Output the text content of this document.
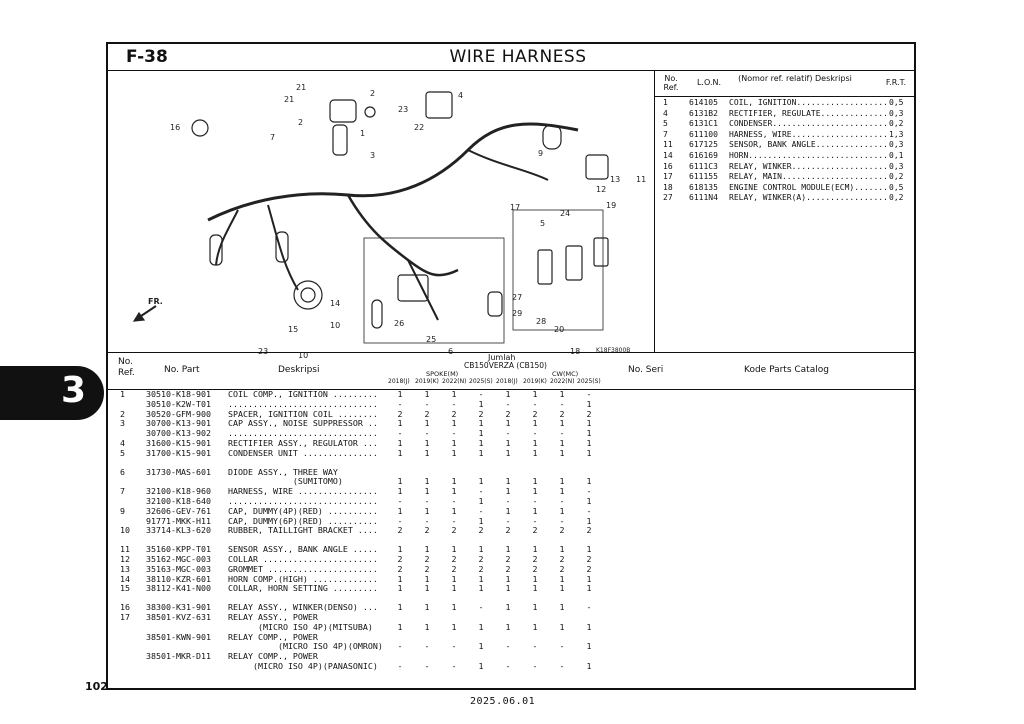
3
102
F-38	WIRE HARNESS
21
2
21	4
23
2
1
16	22
7
3	9
13 11
12
19
17
5
24
14
10
15
23	10
26
25
6
27
29
28
20
18
FR.
K18F3800B
No. Ref.
L.O.N.	(Nomor ref. relatif) Deskripsi	F.R.T.
1	614105 COIL, IGNITION................... 0,5
4	6131B2 RECTIFIER, REGULATE.............. 0,3
5	6131C1 CONDENSER........................ 0,2
7	611100 HARNESS, WIRE.................... 1,3
11 617125 SENSOR, BANK ANGLE............... 0,3
14 616169 HORN............................. 0,1
16 6111C3 RELAY, WINKER.................... 0,3
17 611155 RELAY, MAIN...................... 0,2
18 618135 ENGINE CONTROL MODULE(ECM)....... 0,5
27 6111N4 RELAY, WINKER(A)................. 0,2
No. Ref.	No. Part	Deskripsi
Jumlah
CB150VERZA (CB150)
SPOKE(M)	CW(MC)
2018(J) 2019(K) 2022(N) 2025(S) 2018(J) 2019(K) 2022(N) 2025(S)
No. Seri	Kode Parts Catalog
1	30510-K18-901 COIL COMP., IGNITION .........	1	1	1	-	1	1	1	-
30510-K2W-T01 ..............................	-	-	-	1	-	-	-	1
2	30520-GFM-900 SPACER, IGNITION COIL ........	2	2	2	2	2	2	2	2
3	30700-K13-901 CAP ASSY., NOISE SUPPRESSOR ..	1	1	1	1	1	1	1	1
30700-K13-902 ..............................	-	-	-	1	-	-	-	1
4	31600-K15-901 RECTIFIER ASSY., REGULATOR ...	1	1	1	1	1	1	1	1
5	31700-K15-901 CONDENSER UNIT ...............	1	1	1	1	1	1	1	1
6	31730-MAS-601 DIODE ASSY., THREE WAY
(SUMITOMO)	1	1	1	1	1	1	1	1
7	32100-K18-960 HARNESS, WIRE ................	1	1	1	-	1	1	1	-
32100-K18-640 ..............................	-	-	-	1	-	-	-	1
9	32606-GEV-761 CAP, DUMMY(4P)(RED) ..........	1	1	1	-	1	1	1	-
91771-MKK-H11 CAP, DUMMY(6P)(RED) ..........	-	-	-	1	-	-	-	1
10 33714-KL3-620 RUBBER, TAILLIGHT BRACKET ....	2	2	2	2	2	2	2	2
11 35160-KPP-T01 SENSOR ASSY., BANK ANGLE .....	1	1	1	1	1	1	1	1
12 35162-MGC-003 COLLAR .......................	2	2	2	2	2	2	2	2
13 35163-MGC-003 GROMMET ......................	2	2	2	2	2	2	2	2
14 38110-KZR-601 HORN COMP.(HIGH) .............	1	1	1	1	1	1	1	1
15 38112-K41-N00 COLLAR, HORN SETTING .........	1	1	1	1	1	1	1	1
16 38300-K31-901 RELAY ASSY., WINKER(DENSO) ...	1	1	1	-	1	1	1	-
17 38501-KVZ-631 RELAY ASSY., POWER
(MICRO ISO 4P)(MITSUBA)	1	1	1	1	1	1	1	1
38501-KWN-901 RELAY COMP., POWER
(MICRO ISO 4P)(OMRON)	-	-	-	1	-	-	-	1
38501-MKR-D11 RELAY COMP., POWER
(MICRO ISO 4P)(PANASONIC)	-	-	-	1	-	-	-	1
2025.06.01
